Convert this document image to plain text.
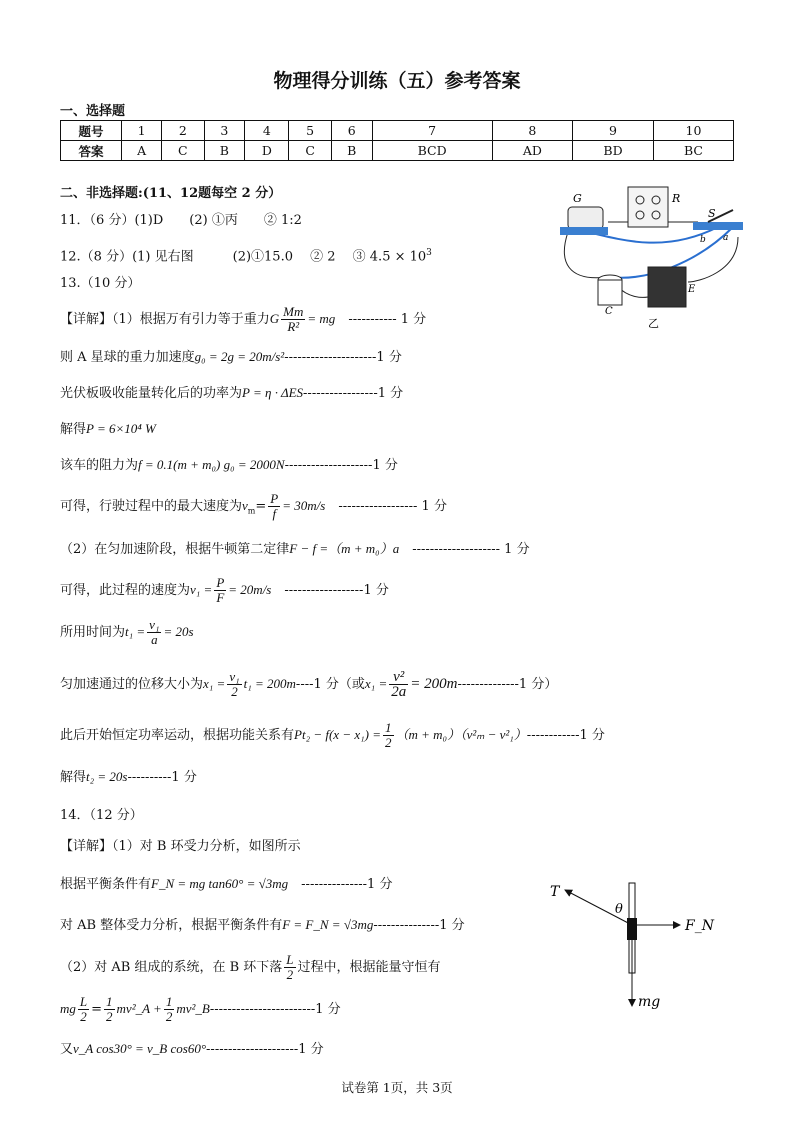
物理得分训练（五）参考答案
一、选择题
题号	1	2	3	4	5	6	7	8	9	10
答案	A	C	B	D	C	B	BCD	AD	BD	BC
二、非选择题:(11、12题每空 2 分）
11．（6 分）(1)D　　(2) ①丙　　② 1:2
12.（8 分）(1) 见右图　　　(2)①15.0　 ② 2　 ③ $4.5 \times 10^3$
13.（10 分）
【详解】（1）根据万有引力等于重力G $\frac{Mm}{\text{R²}}$ = mg　----------- 1 分
则 A 星球的重力加速度g₀ = 2g = 20m/s²---------------------1 分
光伏板吸收能量转化后的功率为P = η · ΔES-----------------1 分
解得P = 6×10⁴ W
该车的阻力为f = 0.1(m + m₀) g₀ = 2000N--------------------1 分
可得，行驶过程中的最大速度为$v_m= \frac{P}{f} = 30m/s$　------------------ 1 分
（2）在匀加速阶段，根据牛顿第二定律F − f =（m + m₀）a　-------------------- 1 分
可得，此过程的速度为$v_1 = \frac{P}{F} = 20m/s$　------------------1 分
所用时间为$t_1 = \frac{\text{v₁}}{a} = 20s$
匀加速通过的位移大小为$x_1 = \frac{\text{v₁}}{2} t_1 = 200m----1$ 分（或$x_1 = \frac{\text{v²}}{2a} = 200m--------------1$ 分）
此后开始恒定功率运动，根据功能关系有$Pt_2 - f(x - x_1) = \frac{1}{2} (m + m_0)(v^2_m - v^2_1)------------1$ 分
解得t₂ = 20s----------1 分
14．（12 分）
【详解】（1）对 B 环受力分析，如图所示
根据平衡条件有F_N = mg tan60° = √3mg　---------------1 分
对 AB 整体受力分析，根据平衡条件有F = F_N = √3mg---------------1 分
（2）对 AB 组成的系统，在 B 环下落 $\frac{L}{2}$ 过程中，根据能量守恒有
mg $\frac{L}{2} = \frac{1}{2}$ mv²_A + $\frac{1}{2}$ mv²_B------------------------1 分
又v_A cos30° = v_B cos60°---------------------1 分
G	R
S
C
E
a
b
乙
T
θ
F_N
mg
试卷第 1页，共 3页
